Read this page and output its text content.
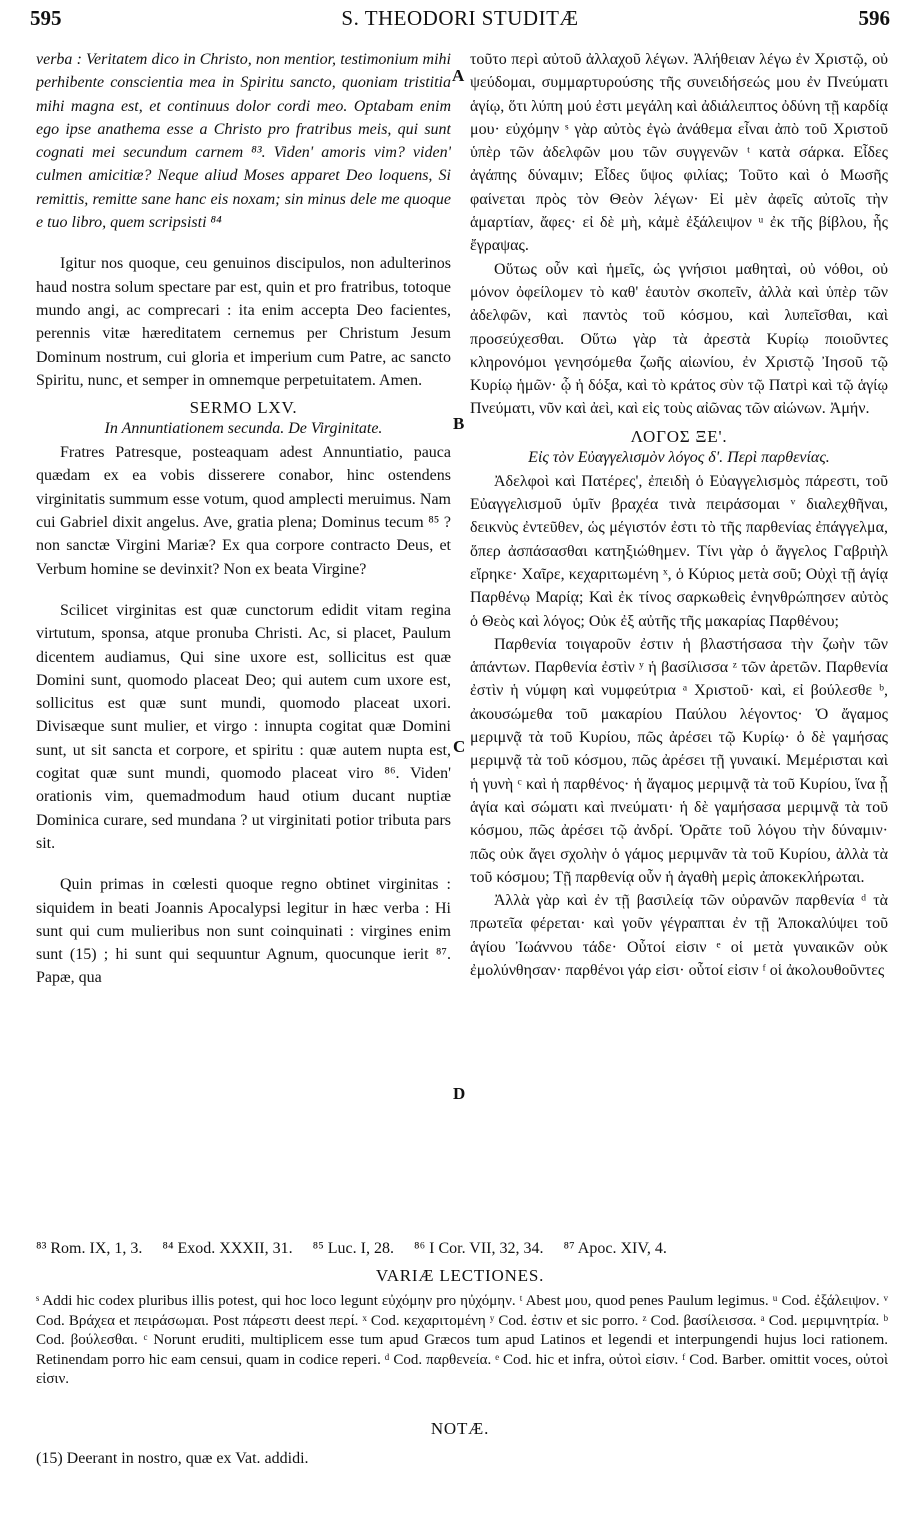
595	S. THEODORI STUDITÆ	596

verba : Veritatem dico in Christo, non mentior, testimonium mihi perhibente conscientia mea in Spiritu sancto, quoniam tristitia mihi magna est, et continuus dolor cordi meo. Optabam enim ego ipse anathema esse a Christo pro fratribus meis, qui sunt cognati mei secundum carnem ⁸³. Viden' amoris vim? viden' culmen amicitiæ? Neque aliud Moses apparet Deo loquens, Si remittis, remitte sane hanc eis noxam; sin minus dele me quoque e tuo libro, quem scripsisti ⁸⁴

Igitur nos quoque, ceu genuinos discipulos, non adulterinos haud nostra solum spectare par est, quin et pro fratribus, totoque mundo angi, ac comprecari : ita enim accepta Deo facientes, perennis vitæ hæreditatem cernemus per Christum Jesum Dominum nostrum, cui gloria et imperium cum Patre, ac sancto Spiritu, nunc, et semper in omnemque perpetuitatem. Amen.

SERMO LXV.
In Annuntiationem secunda. De Virginitate.

Fratres Patresque, posteaquam adest Annuntiatio, pauca quædam ex ea vobis disserere conabor, hinc ostendens virginitatis summum esse votum, quod amplecti meruimus. Nam cui Gabriel dixit angelus. Ave, gratia plena; Dominus tecum ⁸⁵ ? non sanctæ Virgini Mariæ? Ex qua corpore contracto Deus, et Verbum homine se devinxit? Non ex beata Virgine?

Scilicet virginitas est quæ cunctorum edidit vitam regina virtutum, sponsa, atque pronuba Christi. Ac, si placet, Paulum dicentem audiamus, Qui sine uxore est, sollicitus est quæ Domini sunt, quomodo placeat Deo; qui autem cum uxore est, sollicitus est quæ sunt mundi, quomodo placeat uxori. Divisæque sunt mulier, et virgo : innupta cogitat quæ Domini sunt, ut sit sancta et corpore, et spiritu : quæ autem nupta est, cogitat quæ sunt mundi, quomodo placeat viro ⁸⁶. Viden' orationis vim, quemadmodum haud otium ducant nuptiæ Dominica curare, sed mundana ? ut virginitati potior tributa pars sit.

Quin primas in cœlesti quoque regno obtinet virginitas : siquidem in beati Joannis Apocalypsi legitur in hæc verba : Hi sunt qui cum mulieribus non sunt coinquinati : virgines enim sunt (15) ; hi sunt qui sequuntur Agnum, quocunque ierit ⁸⁷. Papæ, qua

A
B
C
D

τοῦτο περὶ αὐτοῦ ἀλλαχοῦ λέγων. Ἀλήθειαν λέγω ἐν Χριστῷ, οὐ ψεύδομαι, συμμαρτυρούσης τῆς συνειδήσεώς μου ἐν Πνεύματι ἁγίῳ, ὅτι λύπη μού ἐστι μεγάλη καὶ ἀδιάλειπτος ὀδύνη τῇ καρδίᾳ μου· εὐχόμην ˢ γὰρ αὐτὸς ἐγὼ ἀνάθεμα εἶναι ἀπὸ τοῦ Χριστοῦ ὑπὲρ τῶν ἀδελφῶν μου τῶν συγγενῶν ᵗ κατὰ σάρκα. Εἶδες ἀγάπης δύναμιν; Εἶδες ὕψος φιλίας; Τοῦτο καὶ ὁ Μωσῆς φαίνεται πρὸς τὸν Θεὸν λέγων· Εἰ μὲν ἀφεῖς αὐτοῖς τὴν ἁμαρτίαν, ἄφες· εἰ δὲ μὴ, κἀμὲ ἐξάλειψον ᵘ ἐκ τῆς βίβλου, ἧς ἔγραψας.

Οὕτως οὖν καὶ ἡμεῖς, ὡς γνήσιοι μαθηταὶ, οὐ νόθοι, οὐ μόνον ὀφείλομεν τὸ καθ' ἑαυτὸν σκοπεῖν, ἀλλὰ καὶ ὑπὲρ τῶν ἀδελφῶν, καὶ παντὸς τοῦ κόσμου, καὶ λυπεῖσθαι, καὶ προσεύχεσθαι. Οὕτω γὰρ τὰ ἀρεστὰ Κυρίῳ ποιοῦντες κληρονόμοι γενησόμεθα ζωῆς αἰωνίου, ἐν Χριστῷ Ἰησοῦ τῷ Κυρίῳ ἡμῶν· ᾧ ἡ δόξα, καὶ τὸ κράτος σὺν τῷ Πατρὶ καὶ τῷ ἁγίῳ Πνεύματι, νῦν καὶ ἀεὶ, καὶ εἰς τοὺς αἰῶνας τῶν αἰώνων. Ἀμήν.

ΛΟΓΟΣ ΞΕ'.
Εἰς τὸν Εὐαγγελισμὸν λόγος δ'. Περὶ παρθενίας.

Ἀδελφοὶ καὶ Πατέρες', ἐπειδὴ ὁ Εὐαγγελισμὸς πάρεστι, τοῦ Εὐαγγελισμοῦ ὑμῖν βραχέα τινὰ πειράσομαι ᵛ διαλεχθῆναι, δεικνὺς ἐντεῦθεν, ὡς μέγιστόν ἐστι τὸ τῆς παρθενίας ἐπάγγελμα, ὅπερ ἀσπάσασθαι κατηξιώθημεν. Τίνι γὰρ ὁ ἄγγελος Γαβριὴλ εἴρηκε· Χαῖρε, κεχαριτωμένη ˣ, ὁ Κύριος μετὰ σοῦ; Οὐχὶ τῇ ἁγίᾳ Παρθένῳ Μαρίᾳ; Καὶ ἐκ τίνος σαρκωθεὶς ἐνηνθρώπησεν αὐτὸς ὁ Θεὸς καὶ λόγος; Οὐκ ἐξ αὐτῆς τῆς μακαρίας Παρθένου;

Παρθενία τοιγαροῦν ἐστιν ἡ βλαστήσασα τὴν ζωὴν τῶν ἁπάντων. Παρθενία ἐστὶν ʸ ἡ βασίλισσα ᶻ τῶν ἀρετῶν. Παρθενία ἐστὶν ἡ νύμφη καὶ νυμφεύτρια ᵃ Χριστοῦ· καὶ, εἰ βούλεσθε ᵇ, ἀκουσώμεθα τοῦ μακαρίου Παύλου λέγοντος· Ὁ ἄγαμος μεριμνᾷ τὰ τοῦ Κυρίου, πῶς ἀρέσει τῷ Κυρίῳ· ὁ δὲ γαμήσας μεριμνᾷ τὰ τοῦ κόσμου, πῶς ἀρέσει τῇ γυναικί. Μεμέρισται καὶ ἡ γυνὴ ᶜ καὶ ἡ παρθένος· ἡ ἄγαμος μεριμνᾷ τὰ τοῦ Κυρίου, ἵνα ᾖ ἁγία καὶ σώματι καὶ πνεύματι· ἡ δὲ γαμήσασα μεριμνᾷ τὰ τοῦ κόσμου, πῶς ἀρέσει τῷ ἀνδρί. Ὁρᾶτε τοῦ λόγου τὴν δύναμιν· πῶς οὐκ ἄγει σχολὴν ὁ γάμος μεριμνᾶν τὰ τοῦ Κυρίου, ἀλλὰ τὰ τοῦ κόσμου; Τῇ παρθενίᾳ οὖν ἡ ἀγαθὴ μερὶς ἀποκεκλήρωται.

Ἀλλὰ γὰρ καὶ ἐν τῇ βασιλείᾳ τῶν οὐρανῶν παρθενία ᵈ τὰ πρωτεῖα φέρεται· καὶ γοῦν γέγραπται ἐν τῇ Ἀποκαλύψει τοῦ ἁγίου Ἰωάννου τάδε· Οὗτοί εἰσιν ᵉ οἱ μετὰ γυναικῶν οὐκ ἐμολύνθησαν· παρθένοι γάρ εἰσι· οὗτοί εἰσιν ᶠ οἱ ἀκολουθοῦντες

⁸³ Rom. IX, 1, 3. ⁸⁴ Exod. XXXII, 31. ⁸⁵ Luc. I, 28. ⁸⁶ I Cor. VII, 32, 34. ⁸⁷ Apoc. XIV, 4.
VARIÆ LECTIONES.

ˢ Addi hic codex pluribus illis potest, qui hoc loco legunt εὐχόμην pro ηὐχόμην. ᵗ Abest μου, quod penes Paulum legimus. ᵘ Cod. ἐξάλειψον. ᵛ Cod. Βράχεα et πειράσωμαι. Post πάρεστι deest περί. ˣ Cod. κεχαριτομένη ʸ Cod. ἐστιν et sic porro. ᶻ Cod. βασίλεισσα. ᵃ Cod. μεριμνητρία. ᵇ Cod. βούλεσθαι. ᶜ Norunt eruditi, multiplicem esse tum apud Græcos tum apud Latinos et legendi et interpungendi hujus loci rationem. Retinendam porro hic eam censui, quam in codice reperi. ᵈ Cod. παρθενεία. ᵉ Cod. hic et infra, οὐτοὶ εἰσιν. ᶠ Cod. Barber. omittit voces, οὐτοὶ εἰσιν.

NOTÆ.
(15) Deerant in nostro, quæ ex Vat. addidi.
